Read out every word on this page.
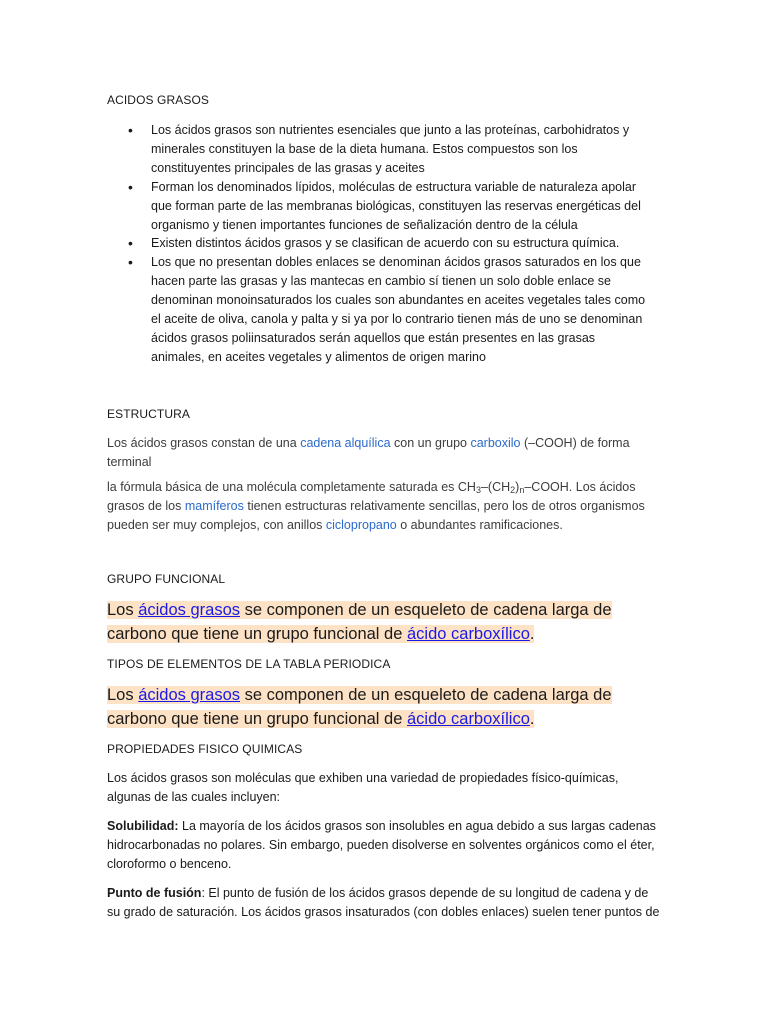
ACIDOS GRASOS
• Los ácidos grasos son nutrientes esenciales que junto a las proteínas, carbohidratos y minerales constituyen la base de la dieta humana. Estos compuestos son los constituyentes principales de las grasas y aceites
• Forman los denominados lípidos, moléculas de estructura variable de naturaleza apolar que forman parte de las membranas biológicas, constituyen las reservas energéticas del organismo y tienen importantes funciones de señalización dentro de la célula
• Existen distintos ácidos grasos y se clasifican de acuerdo con su estructura química.
• Los que no presentan dobles enlaces se denominan ácidos grasos saturados en los que hacen parte las grasas y las mantecas en cambio sí tienen un solo doble enlace se denominan monoinsaturados los cuales son abundantes en aceites vegetales tales como el aceite de oliva, canola y palta y si ya por lo contrario tienen más de uno se denominan ácidos grasos poliinsaturados serán aquellos que están presentes en las grasas animales, en aceites vegetales y alimentos de origen marino
ESTRUCTURA
Los ácidos grasos constan de una cadena alquílica con un grupo carboxilo (–COOH) de forma terminal
la fórmula básica de una molécula completamente saturada es $CH_3-(CH_2)_n$–COOH. Los ácidos grasos de los mamíferos tienen estructuras relativamente sencillas, pero los de otros organismos pueden ser muy complejos, con anillos ciclopropano o abundantes ramificaciones.
GRUPO FUNCIONAL
Los ácidos grasos se componen de un esqueleto de cadena larga de carbono que tiene un grupo funcional de ácido carboxílico.
TIPOS DE ELEMENTOS DE LA TABLA PERIODICA
Los ácidos grasos se componen de un esqueleto de cadena larga de carbono que tiene un grupo funcional de ácido carboxílico.
PROPIEDADES FISICO QUIMICAS
Los ácidos grasos son moléculas que exhiben una variedad de propiedades físico-químicas, algunas de las cuales incluyen:
Solubilidad: La mayoría de los ácidos grasos son insolubles en agua debido a sus largas cadenas hidrocarbonadas no polares. Sin embargo, pueden disolverse en solventes orgánicos como el éter, cloroformo o benceno.
Punto de fusión: El punto de fusión de los ácidos grasos depende de su longitud de cadena y de su grado de saturación. Los ácidos grasos insaturados (con dobles enlaces) suelen tener puntos de
